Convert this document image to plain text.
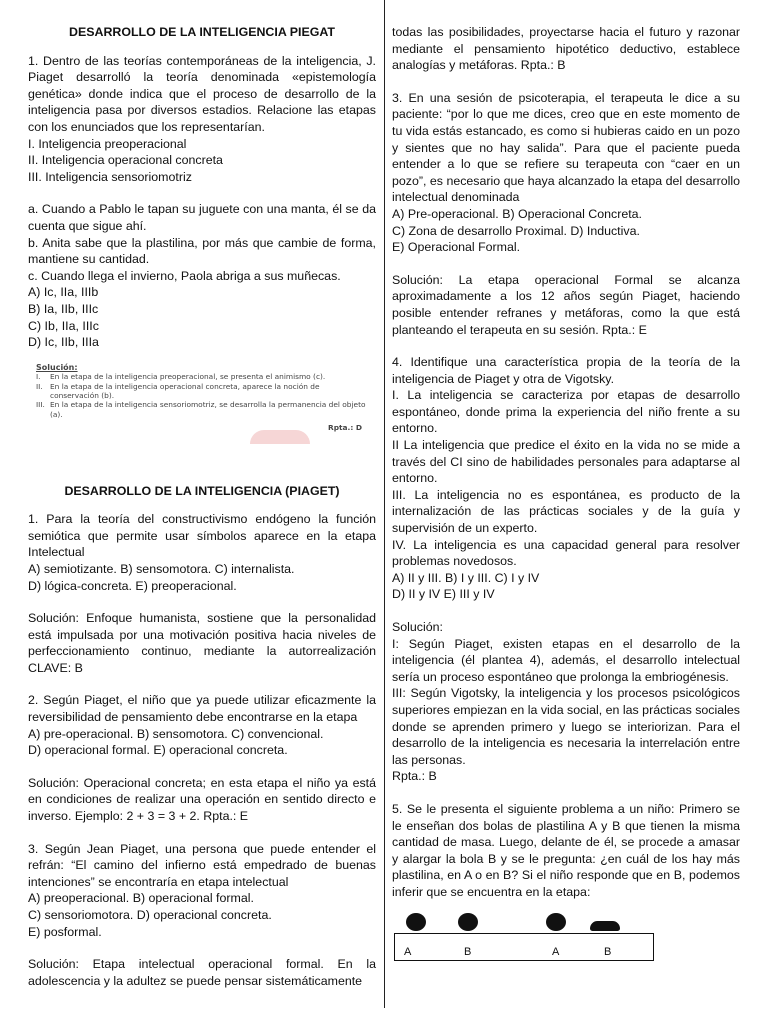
DESARROLLO DE LA INTELIGENCIA PIEGAT
1. Dentro de las teorías contemporáneas de la inteligencia, J. Piaget desarrolló la teoría denominada «epistemología genética» donde indica que el proceso de desarrollo de la inteligencia pasa por diversos estadios. Relacione las etapas con los enunciados que los representarían.
I. Inteligencia preoperacional
II. Inteligencia operacional concreta
III. Inteligencia sensoriomotriz
a. Cuando a Pablo le tapan su juguete con una manta, él se da cuenta que sigue ahí.
b. Anita sabe que la plastilina, por más que cambie de forma, mantiene su cantidad.
c. Cuando llega el invierno, Paola abriga a sus muñecas.
A) Ic, IIa, IIIb
B) Ia, IIb, IIIc
C) Ib, IIa, IIIc
D) Ic, IIb, IIIa
Solución:
I.	En la etapa de la inteligencia preoperacional, se presenta el animismo (c).
II. En la etapa de la inteligencia operacional concreta, aparece la noción de conservación (b).
III. En la etapa de la inteligencia sensoriomotriz, se desarrolla la permanencia del objeto (a).
Rpta.: D
DESARROLLO DE LA INTELIGENCIA (PIAGET)
1. Para la teoría del constructivismo endógeno la función semiótica que permite usar símbolos aparece en la etapa Intelectual
A) semiotizante. B) sensomotora. C) internalista.
D) lógica-concreta. E) preoperacional.
Solución: Enfoque humanista, sostiene que la personalidad está impulsada por una motivación positiva hacia niveles de perfeccionamiento continuo, mediante la autorrealización CLAVE: B
2. Según Piaget, el niño que ya puede utilizar eficazmente la reversibilidad de pensamiento debe encontrarse en la etapa
A) pre-operacional. B) sensomotora. C) convencional.
D) operacional formal. E) operacional concreta.
Solución: Operacional concreta; en esta etapa el niño ya está en condiciones de realizar una operación en sentido directo e inverso. Ejemplo: 2 + 3 = 3 + 2. Rpta.: E
3. Según Jean Piaget, una persona que puede entender el refrán: “El camino del infierno está empedrado de buenas intenciones” se encontraría en etapa intelectual
A) preoperacional. B) operacional formal.
C) sensoriomotora. D) operacional concreta.
E) posformal.
Solución: Etapa intelectual operacional formal. En la adolescencia y la adultez se puede pensar sistemáticamente
todas las posibilidades, proyectarse hacia el futuro y razonar mediante el pensamiento hipotético deductivo, establece analogías y metáforas. Rpta.: B
3. En una sesión de psicoterapia, el terapeuta le dice a su paciente: “por lo que me dices, creo que en este momento de tu vida estás estancado, es como si hubieras caido en un pozo y sientes que no hay salida”. Para que el paciente pueda entender a lo que se refiere su terapeuta con “caer en un pozo”, es necesario que haya alcanzado la etapa del desarrollo intelectual denominada
A) Pre-operacional. B) Operacional Concreta.
C) Zona de desarrollo Proximal. D) Inductiva.
E) Operacional Formal.
Solución: La etapa operacional Formal se alcanza aproximadamente a los 12 años según Piaget, haciendo posible entender refranes y metáforas, como la que está planteando el terapeuta en su sesión. Rpta.: E
4. Identifique una característica propia de la teoría de la inteligencia de Piaget y otra de Vigotsky.
I. La inteligencia se caracteriza por etapas de desarrollo espontáneo, donde prima la experiencia del niño frente a su entorno.
II La inteligencia que predice el éxito en la vida no se mide a través del CI sino de habilidades personales para adaptarse al entorno.
III. La inteligencia no es espontánea, es producto de la internalización de las prácticas sociales y de la guía y supervisión de un experto.
IV. La inteligencia es una capacidad general para resolver problemas novedosos.
A) II y III. B) I y III. C) I y IV
D) II y IV E) III y IV
Solución:
I: Según Piaget, existen etapas en el desarrollo de la inteligencia (él plantea 4), además, el desarrollo intelectual sería un proceso espontáneo que prolonga la embriogénesis.
III: Según Vigotsky, la inteligencia y los procesos psicológicos superiores empiezan en la vida social, en las prácticas sociales donde se aprenden primero y luego se interiorizan. Para el desarrollo de la inteligencia es necesaria la interrelación entre las personas.
Rpta.: B
5. Se le presenta el siguiente problema a un niño: Primero se le enseñan dos bolas de plastilina A y B que tienen la misma cantidad de masa. Luego, delante de él, se procede a amasar y alargar la bola B y se le pregunta: ¿en cuál de los hay más plastilina, en A o en B? Si el niño responde que en B, podemos inferir que se encuentra en la etapa:
A	B	A	B
